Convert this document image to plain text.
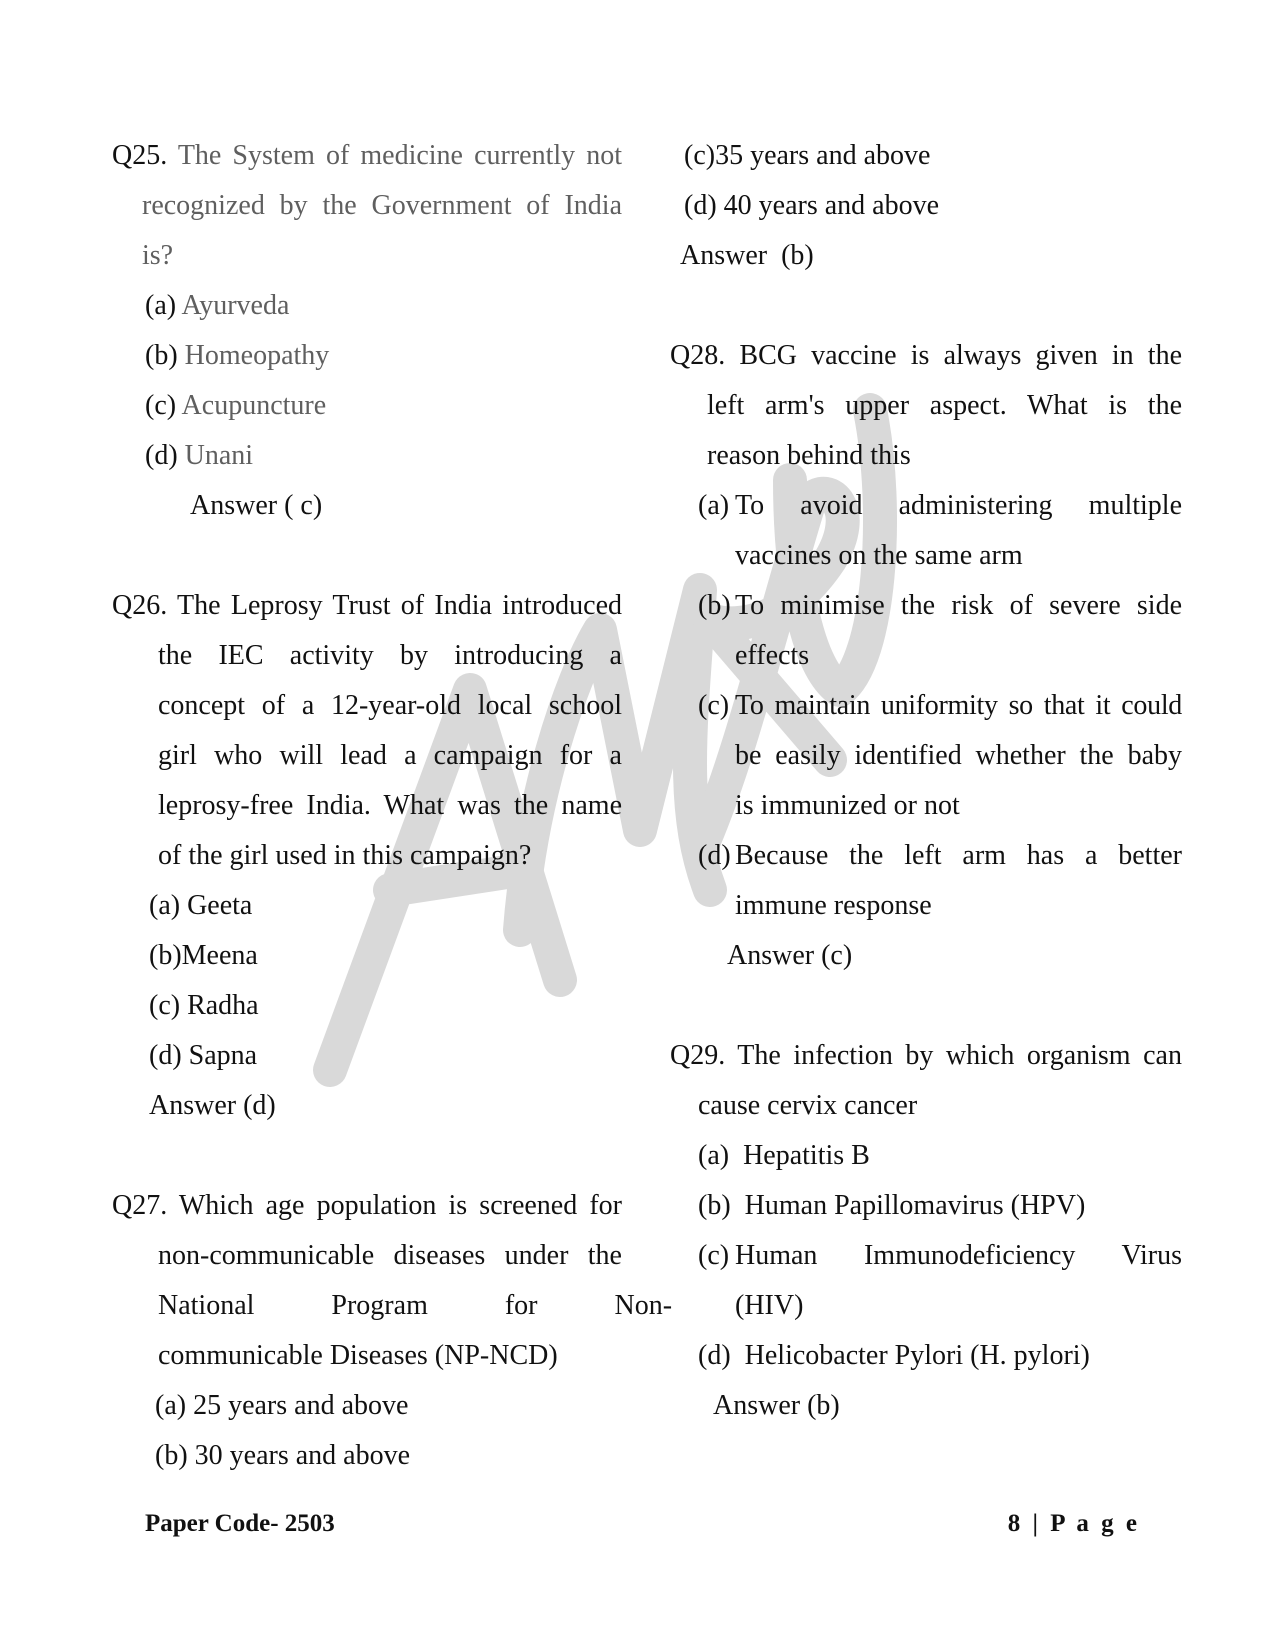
Q25. The System of medicine currently not
recognized by the Government of India
is?
(a) Ayurveda
(b) Homeopathy
(c) Acupuncture
(d) Unani
Answer ( c)
Q26. The Leprosy Trust of India introduced
the IEC activity by introducing a
concept of a 12-year-old local school
girl who will lead a campaign for a
leprosy-free India. What was the name
of the girl used in this campaign?
(a) Geeta
(b)Meena
(c) Radha
(d) Sapna
Answer (d)
Q27. Which age population is screened for
non-communicable diseases under the
National Program for Non-
communicable Diseases (NP-NCD)
(a) 25 years and above
(b) 30 years and above
(c)35 years and above
(d) 40 years and above
Answer  (b)
Q28. BCG vaccine is always given in the
left arm's upper aspect. What is the
reason behind this
(a) To avoid administering multiple
vaccines on the same arm
(b) To minimise the risk of severe side
effects
(c) To maintain uniformity so that it could
be easily identified whether the baby
is immunized or not
(d) Because the left arm has a better
immune response
Answer (c)
Q29. The infection by which organism can
cause cervix cancer
(a) Hepatitis B
(b) Human Papillomavirus (HPV)
(c) Human Immunodeficiency Virus
(HIV)
(d) Helicobacter Pylori (H. pylori)
Answer (b)
Paper Code- 2503	8 | P a g e
